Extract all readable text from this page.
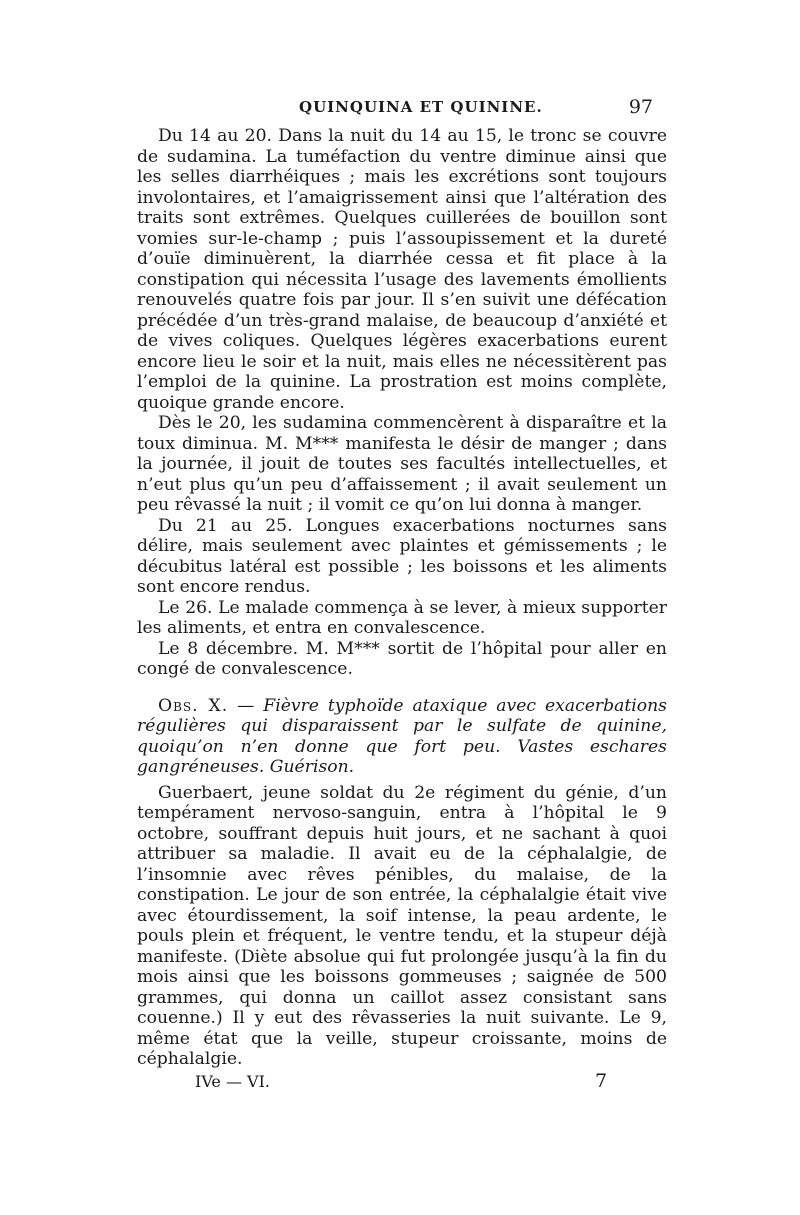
QUINQUINA ET QUININE.	97

Du 14 au 20. Dans la nuit du 14 au 15, le tronc se couvre de sudamina. La tuméfaction du ventre diminue ainsi que les selles diarrhéiques ; mais les excrétions sont toujours involontaires, et l’amaigrissement ainsi que l’altération des traits sont extrêmes. Quelques cuillerées de bouillon sont vomies sur-le-champ ; puis l’assoupissement et la dureté d’ouïe diminuèrent, la diarrhée cessa et fit place à la constipation qui nécessita l’usage des lavements émollients renouvelés quatre fois par jour. Il s’en suivit une défécation précédée d’un très-grand malaise, de beaucoup d’anxiété et de vives coliques. Quelques légères exacerbations eurent encore lieu le soir et la nuit, mais elles ne nécessitèrent pas l’emploi de la quinine. La prostration est moins complète, quoique grande encore.

Dès le 20, les sudamina commencèrent à disparaître et la toux diminua. M. M*** manifesta le désir de manger ; dans la journée, il jouit de toutes ses facultés intellectuelles, et n’eut plus qu’un peu d’affaissement ; il avait seulement un peu rêvassé la nuit ; il vomit ce qu’on lui donna à manger.

Du 21 au 25. Longues exacerbations nocturnes sans délire, mais seulement avec plaintes et gémissements ; le décubitus latéral est possible ; les boissons et les aliments sont encore rendus.

Le 26. Le malade commença à se lever, à mieux supporter les aliments, et entra en convalescence.

Le 8 décembre. M. M*** sortit de l’hôpital pour aller en congé de convalescence.

Obs. X. — Fièvre typhoïde ataxique avec exacerbations régulières qui disparaissent par le sulfate de quinine, quoiqu’on n’en donne que fort peu. Vastes eschares gangréneuses. Guérison.

Guerbaert, jeune soldat du 2e régiment du génie, d’un tempérament nervoso-sanguin, entra à l’hôpital le 9 octobre, souffrant depuis huit jours, et ne sachant à quoi attribuer sa maladie. Il avait eu de la céphalalgie, de l’insomnie avec rêves pénibles, du malaise, de la constipation. Le jour de son entrée, la céphalalgie était vive avec étourdissement, la soif intense, la peau ardente, le pouls plein et fréquent, le ventre tendu, et la stupeur déjà manifeste. (Diète absolue qui fut prolongée jusqu’à la fin du mois ainsi que les boissons gommeuses ; saignée de 500 grammes, qui donna un caillot assez consistant sans couenne.) Il y eut des rêvasseries la nuit suivante. Le 9, même état que la veille, stupeur croissante, moins de céphalalgie.

IVe — VI.	7
